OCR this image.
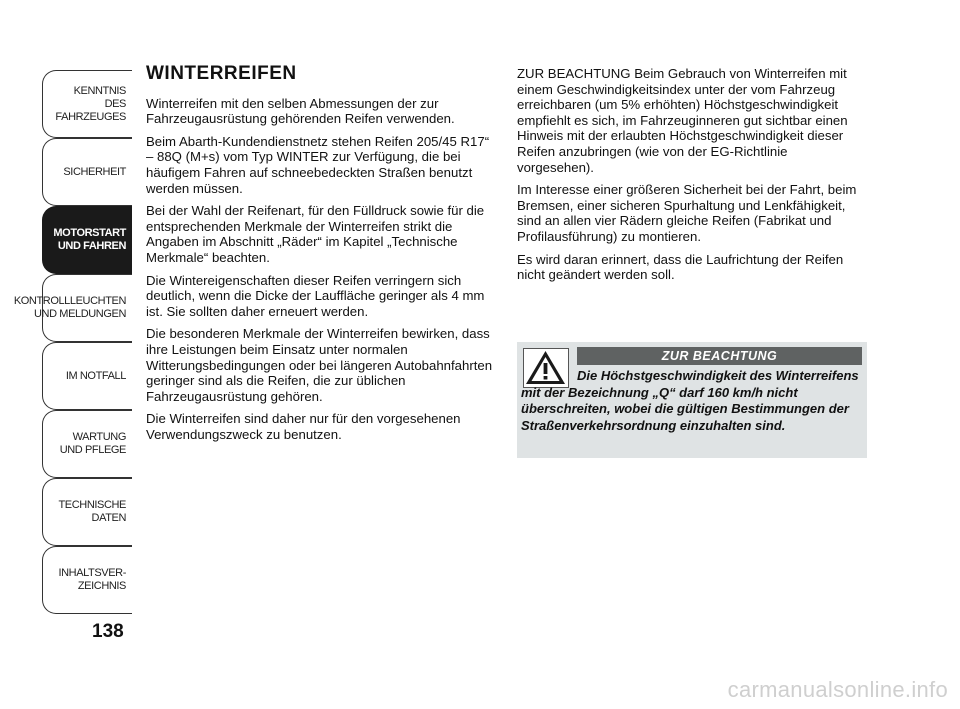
KENNTNIS
DES FAHRZEUGES
SICHERHEIT
MOTORSTART
UND FAHREN
KONTROLLLEUCHTEN
UND MELDUNGEN
IM NOTFALL
WARTUNG
UND PFLEGE
TECHNISCHE
DATEN
INHALTSVER-
ZEICHNIS
138
WINTERREIFEN

Winterreifen mit den selben Abmessungen der zur Fahrzeugausrüstung gehörenden Reifen verwenden.

Beim Abarth-Kundendienstnetz stehen Reifen 205/45 R17“ – 88Q (M+s) vom Typ WINTER zur Verfügung, die bei häufigem Fahren auf schneebedeckten Straßen benutzt werden müssen.

Bei der Wahl der Reifenart, für den Fülldruck sowie für die entsprechenden Merkmale der Winterreifen strikt die Angaben im Abschnitt „Räder“ im Kapitel „Technische Merkmale“ beachten.

Die Wintereigenschaften dieser Reifen verringern sich deutlich, wenn die Dicke der Lauffläche geringer als 4 mm ist. Sie sollten daher erneuert werden.

Die besonderen Merkmale der Winterreifen bewirken, dass ihre Leistungen beim Einsatz unter normalen Witterungsbedingungen oder bei längeren Autobahnfahrten geringer sind als die Reifen, die zur üblichen Fahrzeugausrüstung gehören.

Die Winterreifen sind daher nur für den vorgesehenen Verwendungszweck zu benutzen.

ZUR BEACHTUNG Beim Gebrauch von Winterreifen mit einem Geschwindigkeitsindex unter der vom Fahrzeug erreichbaren (um 5% erhöhten) Höchstgeschwindigkeit empfiehlt es sich, im Fahrzeuginneren gut sichtbar einen Hinweis mit der erlaubten Höchstgeschwindigkeit dieser Reifen anzubringen (wie von der EG-Richtlinie vorgesehen).

Im Interesse einer größeren Sicherheit bei der Fahrt, beim Bremsen, einer sicheren Spurhaltung und Lenkfähigkeit, sind an allen vier Rädern gleiche Reifen (Fabrikat und Profilausführung) zu montieren.

Es wird daran erinnert, dass die Laufrichtung der Reifen nicht geändert werden soll.

ZUR BEACHTUNG
Die Höchstgeschwindigkeit des Winterreifens mit der Bezeichnung „Q“ darf 160 km/h nicht überschreiten, wobei die gültigen Bestimmungen der Straßenverkehrsordnung einzuhalten sind.
carmanualsonline.info
